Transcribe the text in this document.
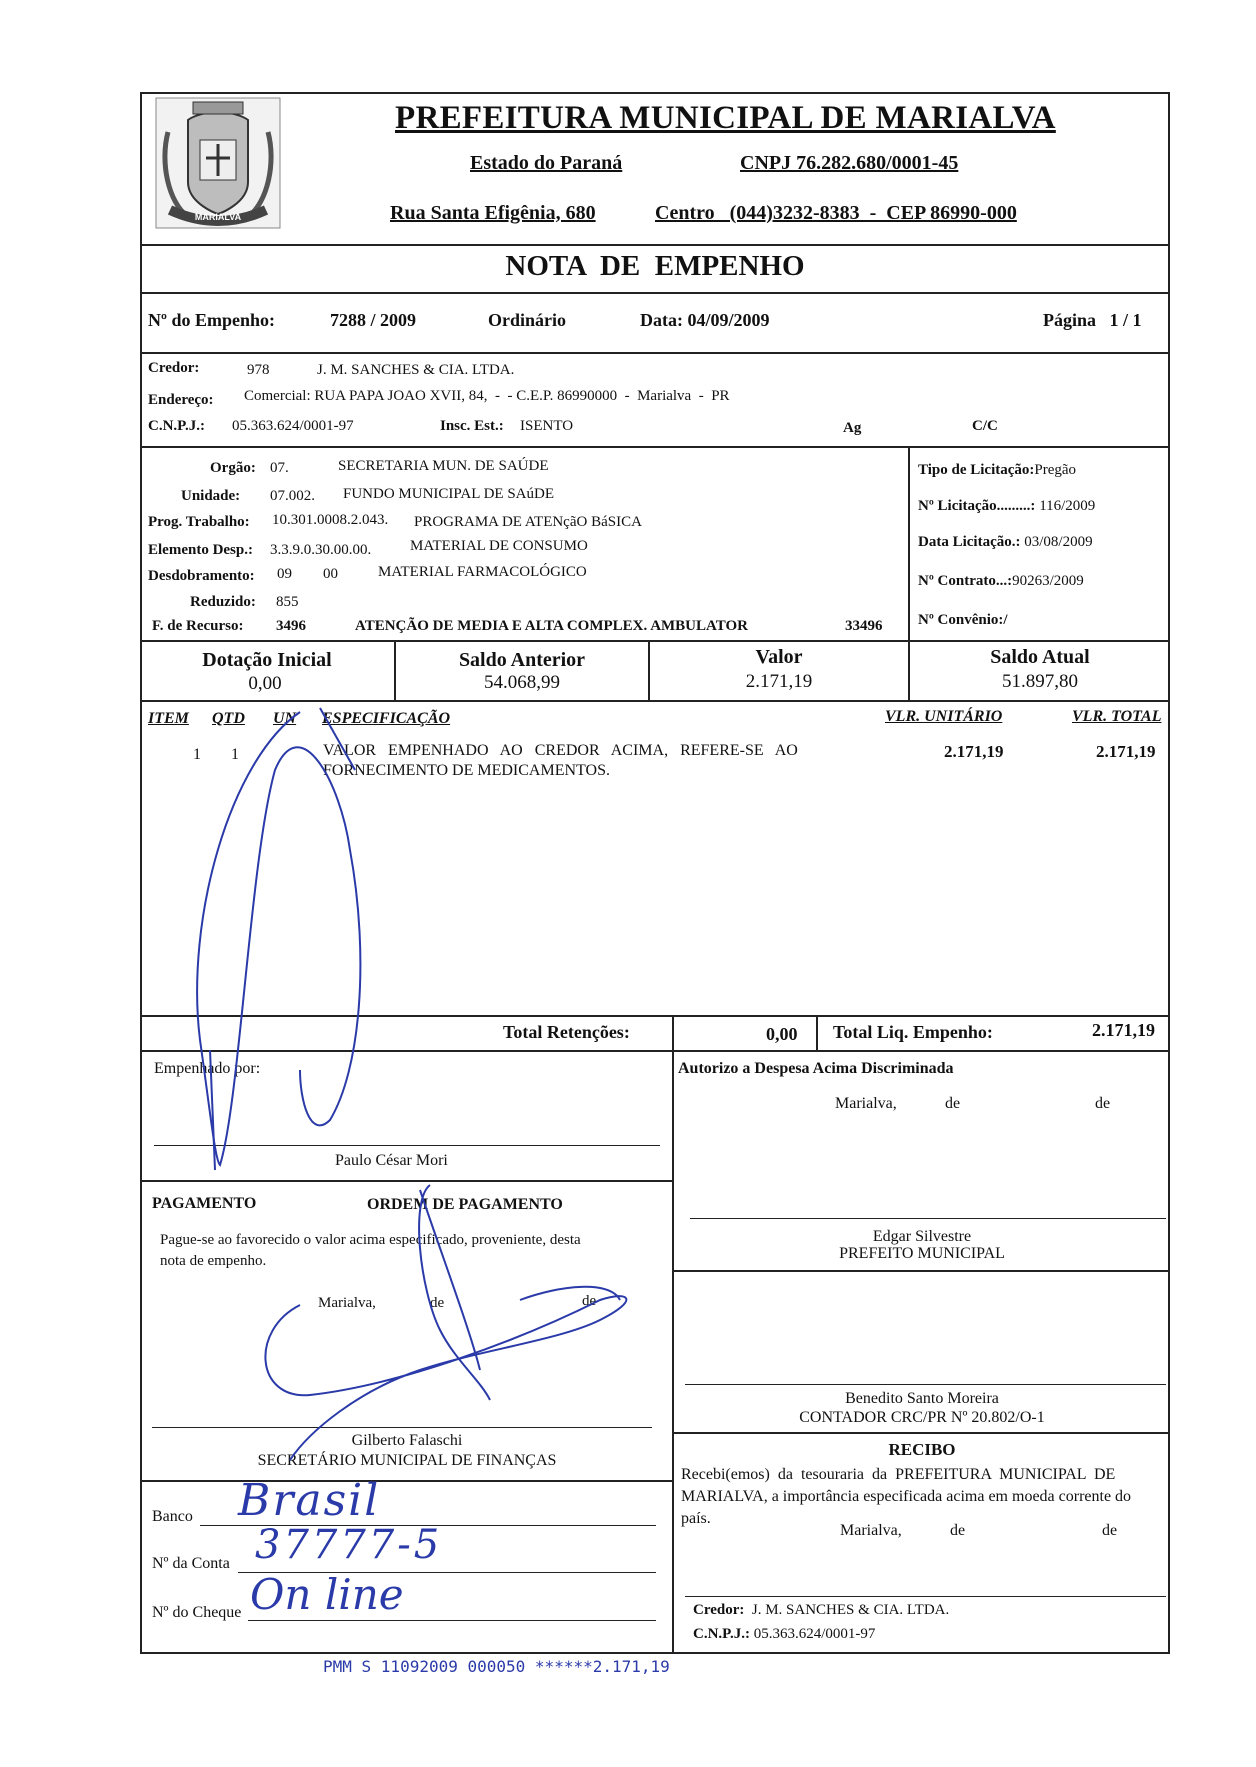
MARIALVA
PREFEITURA MUNICIPAL DE MARIALVA
Estado do Paraná	CNPJ 76.282.680/0001-45
Rua Santa Efigênia, 680	Centro   (044)3232-8383  -  CEP 86990-000
NOTA  DE  EMPENHO
Nº do Empenho:	7288 / 2009	Ordinário	Data: 04/09/2009	Página   1 / 1
Credor:	978	J. M. SANCHES & CIA. LTDA.
Endereço: Comercial: RUA PAPA JOAO XVII, 84,  -  - C.E.P. 86990000  -  Marialva  -  PR
C.N.P.J.: 05.363.624/0001-97	Insc. Est.: ISENTO	Ag	C/C
Orgão: 07.	SECRETARIA MUN. DE SAÚDE
Unidade: 07.002. FUNDO MUNICIPAL DE SAúDE
Prog. Trabalho: 10.301.0008.2.043. PROGRAMA DE ATENçãO BáSICA
Elemento Desp.: 3.3.9.0.30.00.00.	MATERIAL DE CONSUMO
Desdobramento: 09 00	MATERIAL FARMACOLÓGICO
Reduzido: 855
F. de Recurso: 3496	ATENÇÃO DE MEDIA E ALTA COMPLEX. AMBULATOR	33496
Tipo de Licitação:Pregão
Nº Licitação.........: 116/2009
Data Licitação.: 03/08/2009
Nº Contrato...:90263/2009
Nº Convênio:/
Dotação Inicial
0,00
Saldo Anterior
54.068,99
Valor
2.171,19
Saldo Atual
51.897,80
ITEM QTD UN ESPECIFICAÇÃO	VLR. UNITÁRIO	VLR. TOTAL
1 1	VALOR   EMPENHADO   AO   CREDOR   ACIMA,   REFERE-SE   AO
FORNECIMENTO DE MEDICAMENTOS.
2.171,19	2.171,19
Total Retenções:	0,00 Total Liq. Empenho:	2.171,19
Empenhado por:
Paulo César Mori
Autorizo a Despesa Acima Discriminada
Marialva,	de	de
Edgar Silvestre
PREFEITO MUNICIPAL
Benedito Santo Moreira
CONTADOR CRC/PR Nº 20.802/O-1
PAGAMENTO	ORDEM DE PAGAMENTO
Pague-se ao favorecido o valor acima especificado, proveniente, desta
nota de empenho.
Marialva,	de	de
Gilberto Falaschi
SECRETÁRIO MUNICIPAL DE FINANÇAS
Banco Brasil
Nº da Conta 37777-5
Nº do Cheque On line
RECIBO
Recebi(emos)  da  tesouraria  da  PREFEITURA  MUNICIPAL  DE
MARIALVA, a importância especificada acima em moeda corrente do
país.
Marialva,	de	de
Credor: J. M. SANCHES & CIA. LTDA.
C.N.P.J.: 05.363.624/0001-97
PMM S 11092009 000050 ******2.171,19
